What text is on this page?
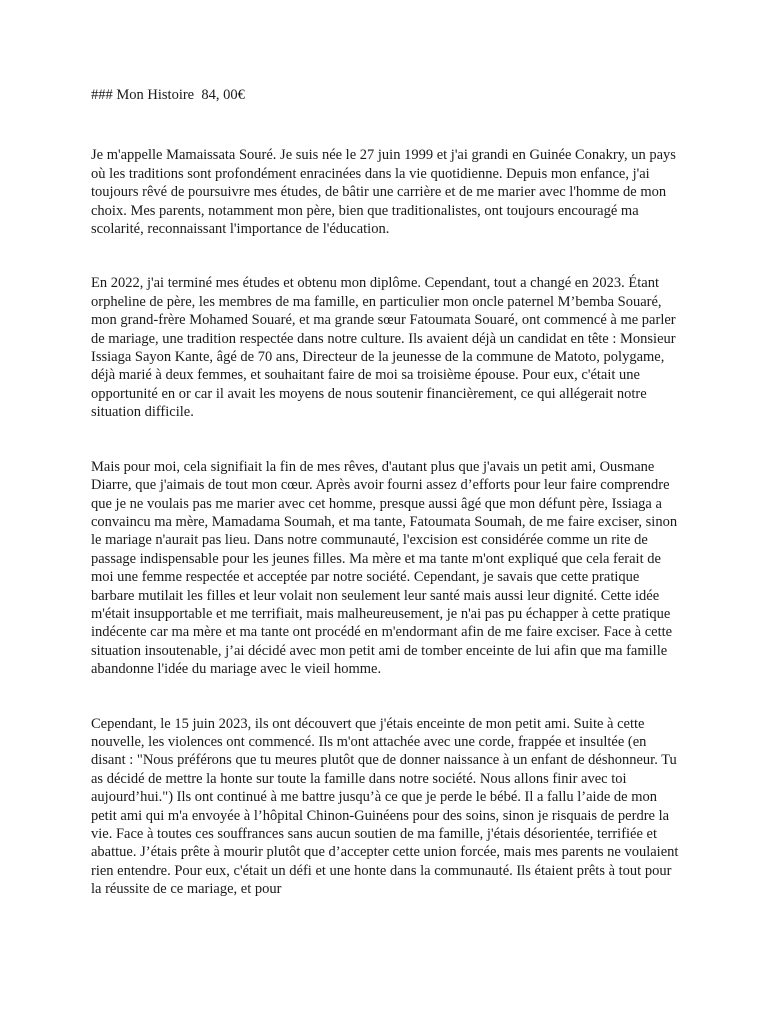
### Mon Histoire  84, 00€

Je m'appelle Mamaissata Souré. Je suis née le 27 juin 1999 et j'ai grandi en Guinée Conakry, un pays où les traditions sont profondément enracinées dans la vie quotidienne. Depuis mon enfance, j'ai toujours rêvé de poursuivre mes études, de bâtir une carrière et de me marier avec l'homme de mon choix. Mes parents, notamment mon père, bien que traditionalistes, ont toujours encouragé ma scolarité, reconnaissant l'importance de l'éducation.

En 2022, j'ai terminé mes études et obtenu mon diplôme. Cependant, tout a changé en 2023. Étant orpheline de père, les membres de ma famille, en particulier mon oncle paternel M’bemba Souaré, mon grand-frère Mohamed Souaré, et ma grande sœur Fatoumata Souaré, ont commencé à me parler de mariage, une tradition respectée dans notre culture. Ils avaient déjà un candidat en tête : Monsieur Issiaga Sayon Kante, âgé de 70 ans, Directeur de la jeunesse de la commune de Matoto, polygame, déjà marié à deux femmes, et souhaitant faire de moi sa troisième épouse. Pour eux, c'était une opportunité en or car il avait les moyens de nous soutenir financièrement, ce qui allégerait notre situation difficile.

Mais pour moi, cela signifiait la fin de mes rêves, d'autant plus que j'avais un petit ami, Ousmane Diarre, que j'aimais de tout mon cœur. Après avoir fourni assez d’efforts pour leur faire comprendre que je ne voulais pas me marier avec cet homme, presque aussi âgé que mon défunt père, Issiaga a convaincu ma mère, Mamadama Soumah, et ma tante, Fatoumata Soumah, de me faire exciser, sinon le mariage n'aurait pas lieu. Dans notre communauté, l'excision est considérée comme un rite de passage indispensable pour les jeunes filles. Ma mère et ma tante m'ont expliqué que cela ferait de moi une femme respectée et acceptée par notre société. Cependant, je savais que cette pratique barbare mutilait les filles et leur volait non seulement leur santé mais aussi leur dignité. Cette idée m'était insupportable et me terrifiait, mais malheureusement, je n'ai pas pu échapper à cette pratique indécente car ma mère et ma tante ont procédé en m'endormant afin de me faire exciser. Face à cette situation insoutenable, j’ai décidé avec mon petit ami de tomber enceinte de lui afin que ma famille abandonne l'idée du mariage avec le vieil homme.

Cependant, le 15 juin 2023, ils ont découvert que j'étais enceinte de mon petit ami. Suite à cette nouvelle, les violences ont commencé. Ils m'ont attachée avec une corde, frappée et insultée (en disant : "Nous préférons que tu meures plutôt que de donner naissance à un enfant de déshonneur. Tu as décidé de mettre la honte sur toute la famille dans notre société. Nous allons finir avec toi aujourd’hui.") Ils ont continué à me battre jusqu’à ce que je perde le bébé. Il a fallu l’aide de mon petit ami qui m'a envoyée à l’hôpital Chinon-Guinéens pour des soins, sinon je risquais de perdre la vie. Face à toutes ces souffrances sans aucun soutien de ma famille, j'étais désorientée, terrifiée et abattue. J’étais prête à mourir plutôt que d’accepter cette union forcée, mais mes parents ne voulaient rien entendre. Pour eux, c'était un défi et une honte dans la communauté. Ils étaient prêts à tout pour la réussite de ce mariage, et pour
